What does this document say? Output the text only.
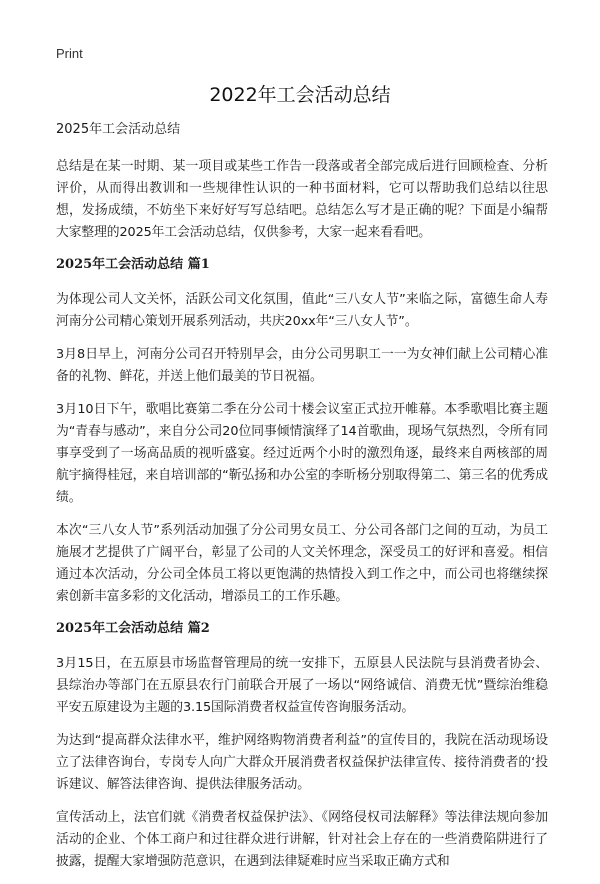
Print
2022年工会活动总结
2025年工会活动总结

总结是在某一时期、某一项目或某些工作告一段落或者全部完成后进行回顾检查、分析评价，从而得出教训和一些规律性认识的一种书面材料，它可以帮助我们总结以往思想，发扬成绩，不妨坐下来好好写写总结吧。总结怎么写才是正确的呢？下面是小编帮大家整理的2025年工会活动总结，仅供参考，大家一起来看看吧。

2025年工会活动总结 篇1

为体现公司人文关怀，活跃公司文化氛围，值此“三八女人节”来临之际，富德生命人寿河南分公司精心策划开展系列活动，共庆20xx年“三八女人节”。

3月8日早上，河南分公司召开特别早会，由分公司男职工一一为女神们献上公司精心准备的礼物、鲜花，并送上他们最美的节日祝福。

3月10日下午，歌唱比赛第二季在分公司十楼会议室正式拉开帷幕。本季歌唱比赛主题为“青春与感动”，来自分公司20位同事倾情演绎了14首歌曲，现场气氛热烈，令所有同事享受到了一场高品质的视听盛宴。经过近两个小时的激烈角逐，最终来自两核部的周航宇摘得桂冠，来自培训部的“靳弘扬和办公室的李昕杨分别取得第二、第三名的优秀成绩。

本次“三八女人节”系列活动加强了分公司男女员工、分公司各部门之间的互动，为员工施展才艺提供了广阔平台，彰显了公司的人文关怀理念，深受员工的好评和喜爱。相信通过本次活动，分公司全体员工将以更饱满的热情投入到工作之中，而公司也将继续探索创新丰富多彩的文化活动，增添员工的工作乐趣。

2025年工会活动总结 篇2

3月15日，在五原县市场监督管理局的统一安排下，五原县人民法院与县消费者协会、县综治办等部门在五原县农行门前联合开展了一场以“网络诚信、消费无忧”暨综治维稳平安五原建设为主题的3.15国际消费者权益宣传咨询服务活动。

为达到“提高群众法律水平，维护网络购物消费者利益”的宣传目的，我院在活动现场设立了法律咨询台，专岗专人向广大群众开展消费者权益保护法律宣传、接待消费者的‘投诉建议、解答法律咨询、提供法律服务活动。

宣传活动上，法官们就《消费者权益保护法》、《网络侵权司法解释》等法律法规向参加活动的企业、个体工商户和过往群众进行讲解，针对社会上存在的一些消费陷阱进行了披露，提醒大家增强防范意识，在遇到法律疑难时应当采取正确方式和
